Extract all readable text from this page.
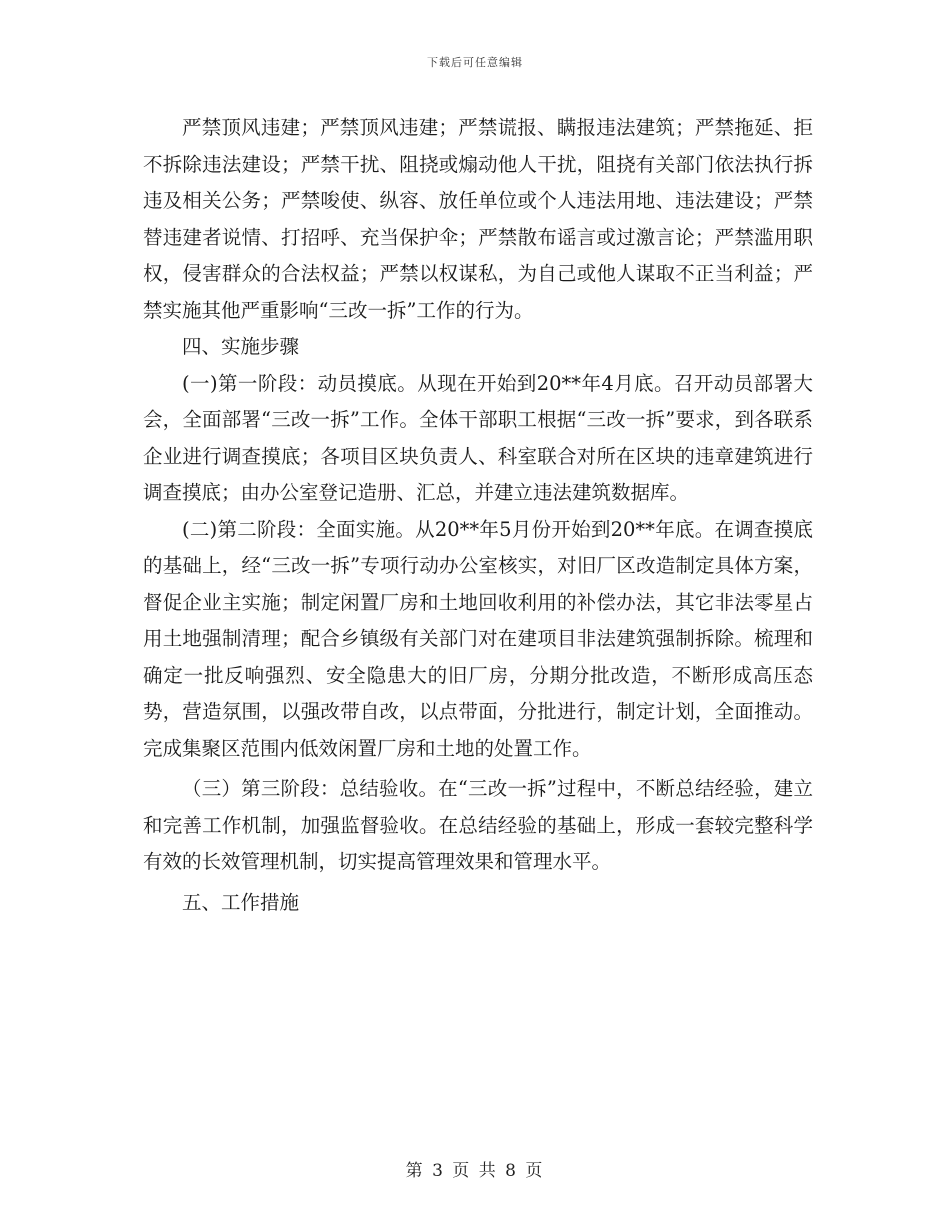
下载后可任意编辑

严禁顶风违建；严禁顶风违建；严禁谎报、瞒报违法建筑；严禁拖延、拒不拆除违法建设；严禁干扰、阻挠或煽动他人干扰，阻挠有关部门依法执行拆违及相关公务；严禁唆使、纵容、放任单位或个人违法用地、违法建设；严禁替违建者说情、打招呼、充当保护伞；严禁散布谣言或过激言论；严禁滥用职权，侵害群众的合法权益；严禁以权谋私，为自己或他人谋取不正当利益；严禁实施其他严重影响“三改一拆”工作的行为。

四、实施步骤

(一)第一阶段：动员摸底。从现在开始到20**年4月底。召开动员部署大会，全面部署“三改一拆”工作。全体干部职工根据“三改一拆”要求，到各联系企业进行调查摸底；各项目区块负责人、科室联合对所在区块的违章建筑进行调查摸底；由办公室登记造册、汇总，并建立违法建筑数据库。

(二)第二阶段：全面实施。从20**年5月份开始到20**年底。在调查摸底的基础上，经“三改一拆”专项行动办公室核实，对旧厂区改造制定具体方案，督促企业主实施；制定闲置厂房和土地回收利用的补偿办法，其它非法零星占用土地强制清理；配合乡镇级有关部门对在建项目非法建筑强制拆除。梳理和确定一批反响强烈、安全隐患大的旧厂房，分期分批改造，不断形成高压态势，营造氛围，以强改带自改，以点带面，分批进行，制定计划，全面推动。完成集聚区范围内低效闲置厂房和土地的处置工作。

（三）第三阶段：总结验收。在“三改一拆”过程中，不断总结经验，建立和完善工作机制，加强监督验收。在总结经验的基础上，形成一套较完整科学有效的长效管理机制，切实提高管理效果和管理水平。

五、工作措施

第 3 页 共 8 页
